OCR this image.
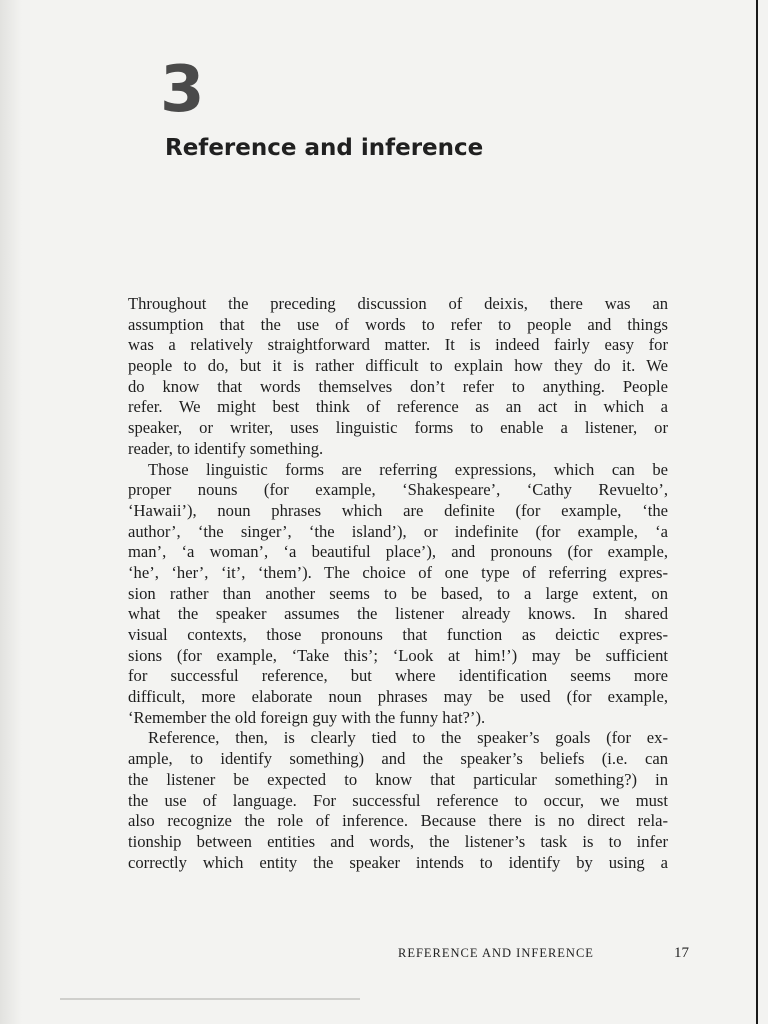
3
Reference and inference
Throughout the preceding discussion of deixis, there was an
assumption that the use of words to refer to people and things
was a relatively straightforward matter. It is indeed fairly easy for
people to do, but it is rather difficult to explain how they do it. We
do know that words themselves don’t refer to anything. People
refer. We might best think of reference as an act in which a
speaker, or writer, uses linguistic forms to enable a listener, or
reader, to identify something.
Those linguistic forms are referring expressions, which can be
proper nouns (for example, ‘Shakespeare’, ‘Cathy Revuelto’,
‘Hawaii’), noun phrases which are definite (for example, ‘the
author’, ‘the singer’, ‘the island’), or indefinite (for example, ‘a
man’, ‘a woman’, ‘a beautiful place’), and pronouns (for example,
‘he’, ‘her’, ‘it’, ‘them’). The choice of one type of referring expres-
sion rather than another seems to be based, to a large extent, on
what the speaker assumes the listener already knows. In shared
visual contexts, those pronouns that function as deictic expres-
sions (for example, ‘Take this’; ‘Look at him!’) may be sufficient
for successful reference, but where identification seems more
difficult, more elaborate noun phrases may be used (for example,
‘Remember the old foreign guy with the funny hat?’).
Reference, then, is clearly tied to the speaker’s goals (for ex-
ample, to identify something) and the speaker’s beliefs (i.e. can
the listener be expected to know that particular something?) in
the use of language. For successful reference to occur, we must
also recognize the role of inference. Because there is no direct rela-
tionship between entities and words, the listener’s task is to infer
correctly which entity the speaker intends to identify by using a
REFERENCE AND INFERENCE	17
